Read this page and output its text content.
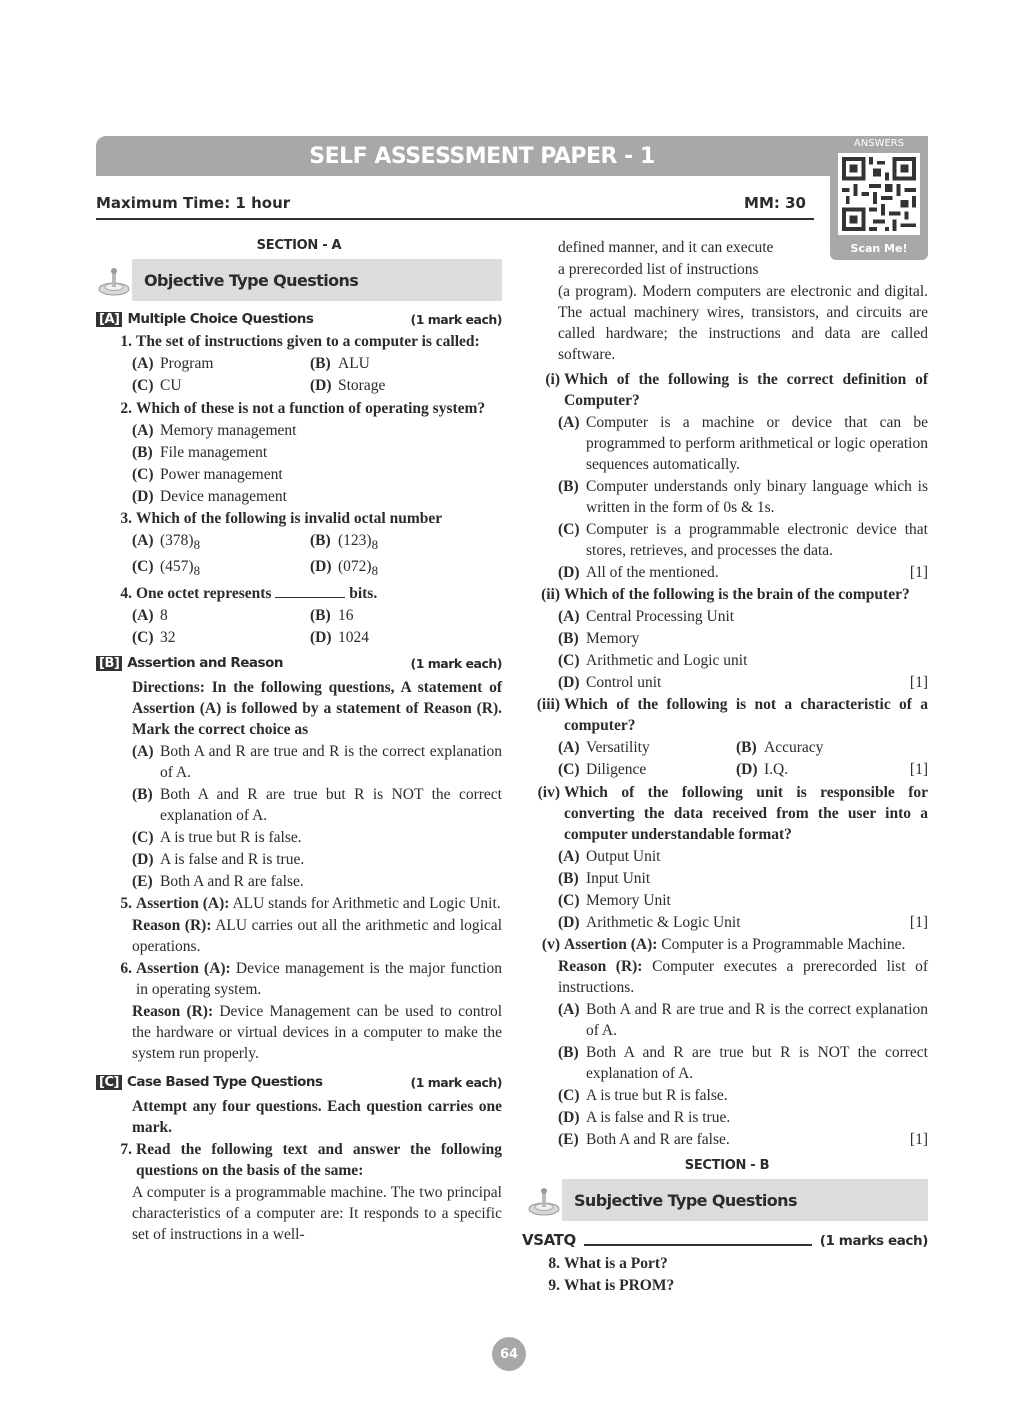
SELF ASSESSMENT PAPER - 1	ANSWERS
Scan Me!
Maximum Time: 1 hour	MM: 30
SECTION - A
Objective Type Questions
[A] Multiple Choice Questions	(1 mark each)
1. The set of instructions given to a computer is called:
(A) Program	(B) ALU
(C) CU	(D) Storage
2. Which of these is not a function of operating system?
(A) Memory management
(B) File management
(C) Power management
(D) Device management
3. Which of the following is invalid octal number
(A) $(378)_8$	(B) $(123)_8$
(C) $(457)_8$	(D) $(072)_8$
4. One octet represents	bits.
(A) 8	(B) 16
(C) 32	(D) 1024
[B] Assertion and Reason	(1 mark each)
Directions: In the following questions, A statement of Assertion (A) is followed by a statement of Reason (R). Mark the correct choice as
(A) Both A and R are true and R is the correct explanation of A.
(B) Both A and R are true but R is NOT the correct explanation of A.
(C) A is true but R is false.
(D) A is false and R is true.
(E) Both A and R are false.
5. Assertion (A): ALU stands for Arithmetic and Logic Unit.
Reason (R): ALU carries out all the arithmetic and logical operations.
6. Assertion (A): Device management is the major function in operating system.
Reason (R): Device Management can be used to control the hardware or virtual devices in a computer to make the system run properly.
[C] Case Based Type Questions	(1 mark each)
Attempt any four questions. Each question carries one mark.
7. Read the following text and answer the following questions on the basis of the same:
A computer is a programmable machine. The two principal characteristics of a computer are: It responds to a specific set of instructions in a well-
defined manner, and it can execute
a prerecorded list of instructions
(a program). Modern computers are electronic and digital. The actual machinery wires, transistors, and circuits are called hardware; the instructions and data are called software.
(i) Which of the following is the correct definition of Computer?
(A) Computer is a machine or device that can be programmed to perform arithmetical or logic operation sequences automatically.
(B) Computer understands only binary language which is written in the form of 0s & 1s.
(C) Computer is a programmable electronic device that stores, retrieves, and processes the data.
(D) All of the mentioned.	[1]
(ii) Which of the following is the brain of the computer?
(A) Central Processing Unit
(B) Memory
(C) Arithmetic and Logic unit
(D) Control unit	[1]
(iii) Which of the following is not a characteristic of a computer?
(A) Versatility	(B) Accuracy
(C) Diligence	(D) I.Q.	[1]
(iv) Which of the following unit is responsible for converting the data received from the user into a computer understandable format?
(A) Output Unit
(B) Input Unit
(C) Memory Unit
(D) Arithmetic & Logic Unit	[1]
(v) Assertion (A): Computer is a Programmable Machine.
Reason (R): Computer executes a prerecorded list of instructions.
(A) Both A and R are true and R is the correct explanation of A.
(B) Both A and R are true but R is NOT the correct explanation of A.
(C) A is true but R is false.
(D) A is false and R is true.
(E) Both A and R are false.	[1]
SECTION - B
Subjective Type Questions
VSATQ	(1 marks each)
8. What is a Port?
9. What is PROM?
64
